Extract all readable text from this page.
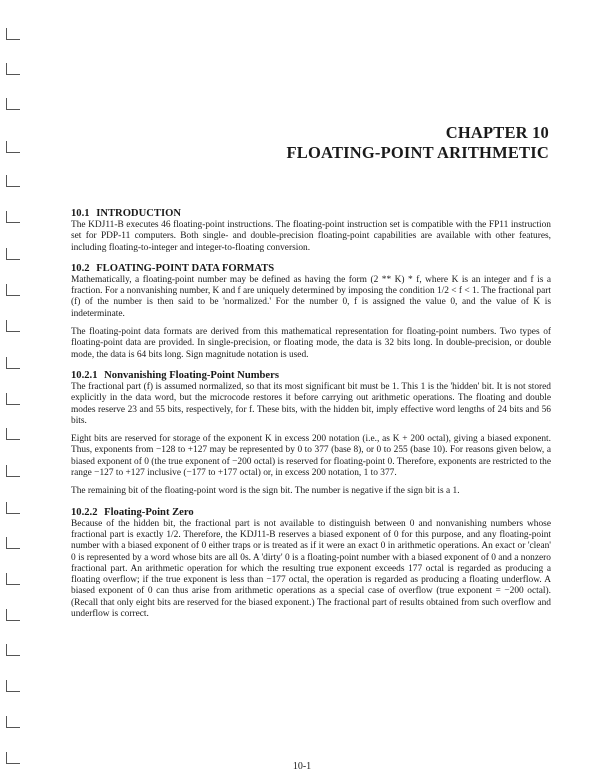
CHAPTER 10
FLOATING-POINT ARITHMETIC
10.1 INTRODUCTION

The KDJ11-B executes 46 floating-point instructions. The floating-point instruction set is compatible with the FP11 instruction set for PDP-11 computers. Both single- and double-precision floating-point capabilities are available with other features, including floating-to-integer and integer-to-floating conversion.

10.2 FLOATING-POINT DATA FORMATS

Mathematically, a floating-point number may be defined as having the form (2 ** K) * f, where K is an integer and f is a fraction. For a nonvanishing number, K and f are uniquely determined by imposing the condition 1/2 < f < 1. The fractional part (f) of the number is then said to be 'normalized.' For the number 0, f is assigned the value 0, and the value of K is indeterminate.

The floating-point data formats are derived from this mathematical representation for floating-point numbers. Two types of floating-point data are provided. In single-precision, or floating mode, the data is 32 bits long. In double-precision, or double mode, the data is 64 bits long. Sign magnitude notation is used.

10.2.1 Nonvanishing Floating-Point Numbers

The fractional part (f) is assumed normalized, so that its most significant bit must be 1. This 1 is the 'hidden' bit. It is not stored explicitly in the data word, but the microcode restores it before carrying out arithmetic operations. The floating and double modes reserve 23 and 55 bits, respectively, for f. These bits, with the hidden bit, imply effective word lengths of 24 bits and 56 bits.

Eight bits are reserved for storage of the exponent K in excess 200 notation (i.e., as K + 200 octal), giving a biased exponent. Thus, exponents from −128 to +127 may be represented by 0 to 377 (base 8), or 0 to 255 (base 10). For reasons given below, a biased exponent of 0 (the true exponent of −200 octal) is reserved for floating-point 0. Therefore, exponents are restricted to the range −127 to +127 inclusive (−177 to +177 octal) or, in excess 200 notation, 1 to 377.

The remaining bit of the floating-point word is the sign bit. The number is negative if the sign bit is a 1.

10.2.2 Floating-Point Zero

Because of the hidden bit, the fractional part is not available to distinguish between 0 and nonvanishing numbers whose fractional part is exactly 1/2. Therefore, the KDJ11-B reserves a biased exponent of 0 for this purpose, and any floating-point number with a biased exponent of 0 either traps or is treated as if it were an exact 0 in arithmetic operations. An exact or 'clean' 0 is represented by a word whose bits are all 0s. A 'dirty' 0 is a floating-point number with a biased exponent of 0 and a nonzero fractional part. An arithmetic operation for which the resulting true exponent exceeds 177 octal is regarded as producing a floating overflow; if the true exponent is less than −177 octal, the operation is regarded as producing a floating underflow. A biased exponent of 0 can thus arise from arithmetic operations as a special case of overflow (true exponent = −200 octal). (Recall that only eight bits are reserved for the biased exponent.) The fractional part of results obtained from such overflow and underflow is correct.

10-1
